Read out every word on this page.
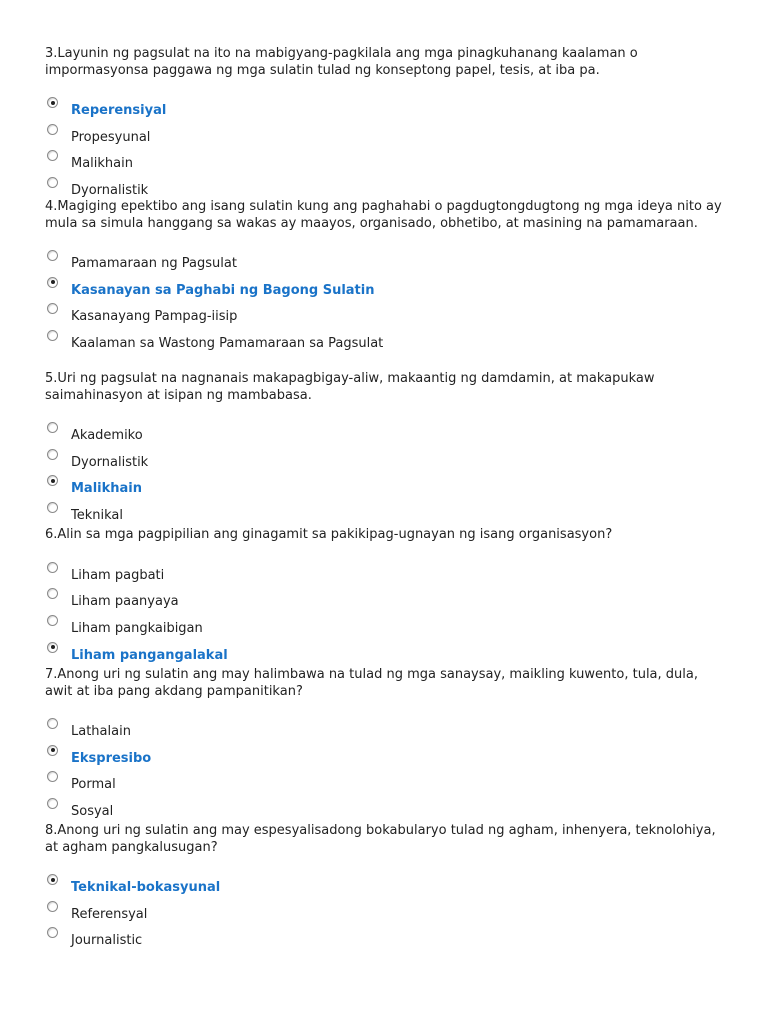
3.Layunin ng pagsulat na ito na mabigyang-pagkilala ang mga pinagkuhanang kaalaman o impormasyonsa paggawa ng mga sulatin tulad ng konseptong papel, tesis, at iba pa.

Reperensiyal
Propesyunal
Malikhain
Dyornalistik

4.Magiging epektibo ang isang sulatin kung ang paghahabi o pagdugtongdugtong ng mga ideya nito ay mula sa simula hanggang sa wakas ay maayos, organisado, obhetibo, at masining na pamamaraan.

Pamamaraan ng Pagsulat
Kasanayan sa Paghabi ng Bagong Sulatin
Kasanayang Pampag-iisip
Kaalaman sa Wastong Pamamaraan sa Pagsulat

5.Uri ng pagsulat na nagnanais makapagbigay-aliw, makaantig ng damdamin, at makapukaw saimahinasyon at isipan ng mambabasa.

Akademiko
Dyornalistik
Malikhain
Teknikal

6.Alin sa mga pagpipilian ang ginagamit sa pakikipag-ugnayan ng isang organisasyon?

Liham pagbati
Liham paanyaya
Liham pangkaibigan
Liham pangangalakal

7.Anong uri ng sulatin ang may halimbawa na tulad ng mga sanaysay, maikling kuwento, tula, dula, awit at iba pang akdang pampanitikan?

Lathalain
Ekspresibo
Pormal
Sosyal

8.Anong uri ng sulatin ang may espesyalisadong bokabularyo tulad ng agham, inhenyera, teknolohiya, at agham pangkalusugan?

Teknikal-bokasyunal
Referensyal
Journalistic
